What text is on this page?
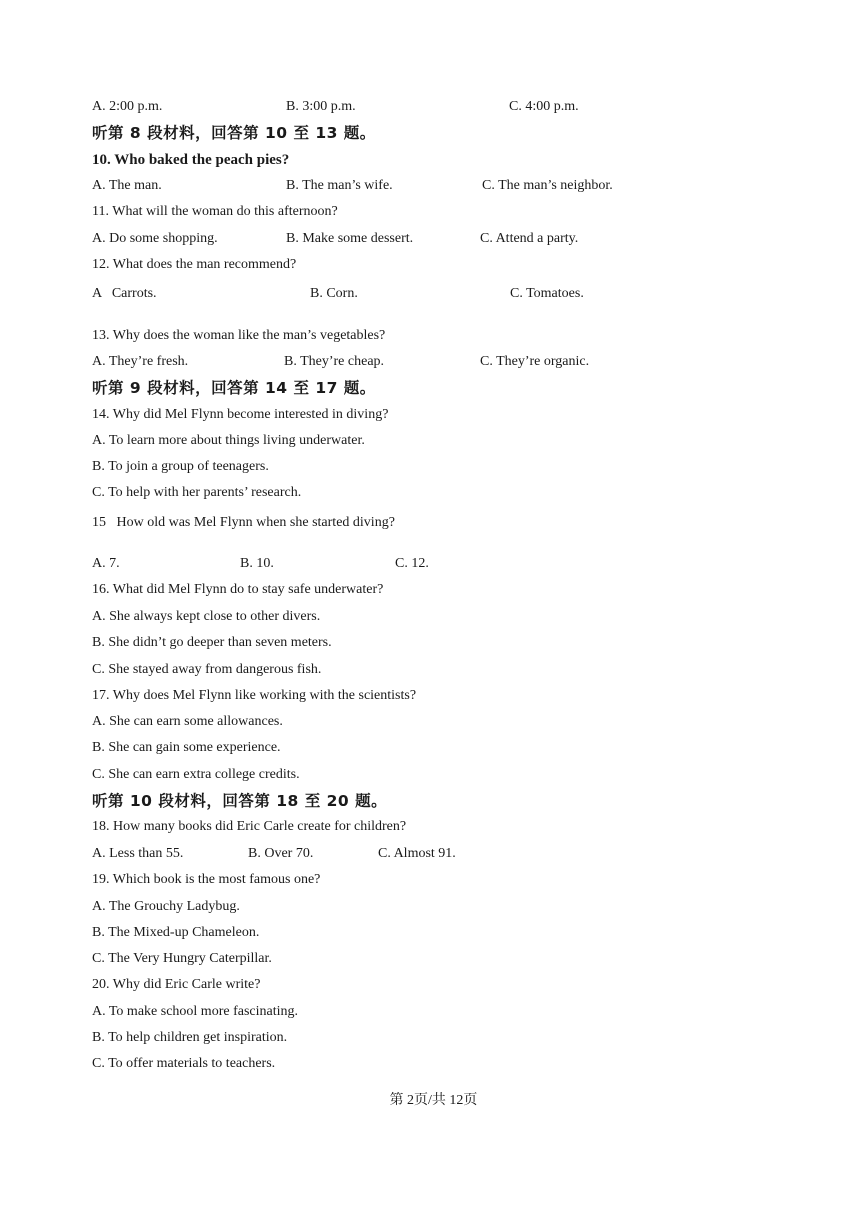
A. 2:00 p.m.	B. 3:00 p.m.	C. 4:00 p.m.
听第 8 段材料，回答第 10 至 13 题。
10. Who baked the peach pies?
A. The man.	B. The man’s wife.	C. The man’s neighbor.
11. What will the woman do this afternoon?
A. Do some shopping.	B. Make some dessert.	C. Attend a party.
12. What does the man recommend?
A   Carrots.	B. Corn.	C. Tomatoes.
13. Why does the woman like the man’s vegetables?
A. They’re fresh.	B. They’re cheap.	C. They’re organic.
听第 9 段材料，回答第 14 至 17 题。
14. Why did Mel Flynn become interested in diving?
A. To learn more about things living underwater.
B. To join a group of teenagers.
C. To help with her parents’ research.
15   How old was Mel Flynn when she started diving?
A. 7.	B. 10.	C. 12.
16. What did Mel Flynn do to stay safe underwater?
A. She always kept close to other divers.
B. She didn’t go deeper than seven meters.
C. She stayed away from dangerous fish.
17. Why does Mel Flynn like working with the scientists?
A. She can earn some allowances.
B. She can gain some experience.
C. She can earn extra college credits.
听第 10 段材料，回答第 18 至 20 题。
18. How many books did Eric Carle create for children?
A. Less than 55.	B. Over 70.	C. Almost 91.
19. Which book is the most famous one?
A. The Grouchy Ladybug.
B. The Mixed-up Chameleon.
C. The Very Hungry Caterpillar.
20. Why did Eric Carle write?
A. To make school more fascinating.
B. To help children get inspiration.
C. To offer materials to teachers.
第 2页/共 12页
